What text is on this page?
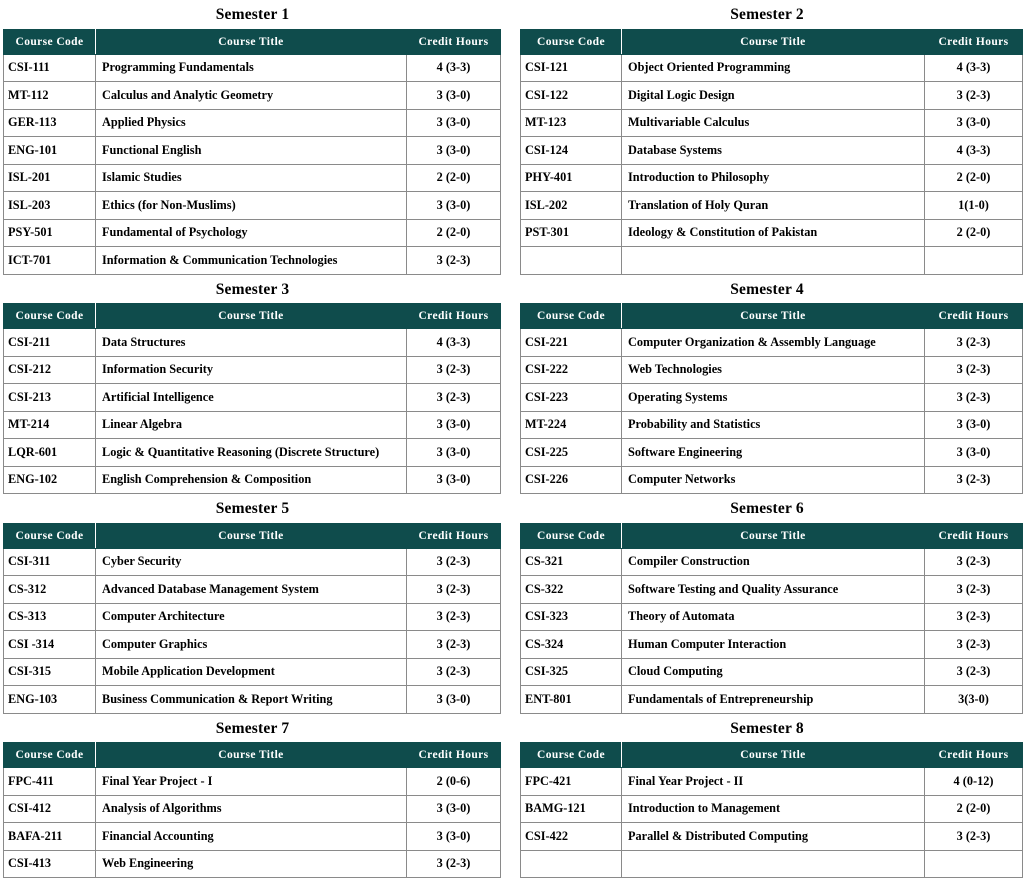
Semester 1
Course Code	Course Title	Credit Hours
CSI-111	Programming Fundamentals	4 (3-3)
MT-112	Calculus and Analytic Geometry	3 (3-0)
GER-113	Applied Physics	3 (3-0)
ENG-101	Functional English	3 (3-0)
ISL-201	Islamic Studies	2 (2-0)
ISL-203	Ethics (for Non-Muslims)	3 (3-0)
PSY-501	Fundamental of Psychology	2 (2-0)
ICT-701	Information & Communication Technologies	3 (2-3)
Semester 3
Course Code	Course Title	Credit Hours
CSI-211	Data Structures	4 (3-3)
CSI-212	Information Security	3 (2-3)
CSI-213	Artificial Intelligence	3 (2-3)
MT-214	Linear Algebra	3 (3-0)
LQR-601	Logic & Quantitative Reasoning (Discrete Structure)	3 (3-0)
ENG-102	English Comprehension & Composition	3 (3-0)
Semester 5
Course Code	Course Title	Credit Hours
CSI-311	Cyber Security	3 (2-3)
CS-312	Advanced Database Management System	3 (2-3)
CS-313	Computer Architecture	3 (2-3)
CSI -314	Computer Graphics	3 (2-3)
CSI-315	Mobile Application Development	3 (2-3)
ENG-103	Business Communication & Report Writing	3 (3-0)
Semester 7
Course Code	Course Title	Credit Hours
FPC-411	Final Year Project - I	2 (0-6)
CSI-412	Analysis of Algorithms	3 (3-0)
BAFA-211	Financial Accounting	3 (3-0)
CSI-413	Web Engineering	3 (2-3)
Semester 2
Course Code	Course Title	Credit Hours
CSI-121	Object Oriented Programming	4 (3-3)
CSI-122	Digital Logic Design	3 (2-3)
MT-123	Multivariable Calculus	3 (3-0)
CSI-124	Database Systems	4 (3-3)
PHY-401	Introduction to Philosophy	2 (2-0)
ISL-202	Translation of Holy Quran	1(1-0)
PST-301	Ideology & Constitution of Pakistan	2 (2-0)

Semester 4
Course Code	Course Title	Credit Hours
CSI-221	Computer Organization & Assembly Language	3 (2-3)
CSI-222	Web Technologies	3 (2-3)
CSI-223	Operating Systems	3 (2-3)
MT-224	Probability and Statistics	3 (3-0)
CSI-225	Software Engineering	3 (3-0)
CSI-226	Computer Networks	3 (2-3)
Semester 6
Course Code	Course Title	Credit Hours
CS-321	Compiler Construction	3 (2-3)
CS-322	Software Testing and Quality Assurance	3 (2-3)
CSI-323	Theory of Automata	3 (2-3)
CS-324	Human Computer Interaction	3 (2-3)
CSI-325	Cloud Computing	3 (2-3)
ENT-801	Fundamentals of Entrepreneurship	3(3-0)
Semester 8
Course Code	Course Title	Credit Hours
FPC-421	Final Year Project - II	4 (0-12)
BAMG-121	Introduction to Management	2 (2-0)
CSI-422	Parallel & Distributed Computing	3 (2-3)
